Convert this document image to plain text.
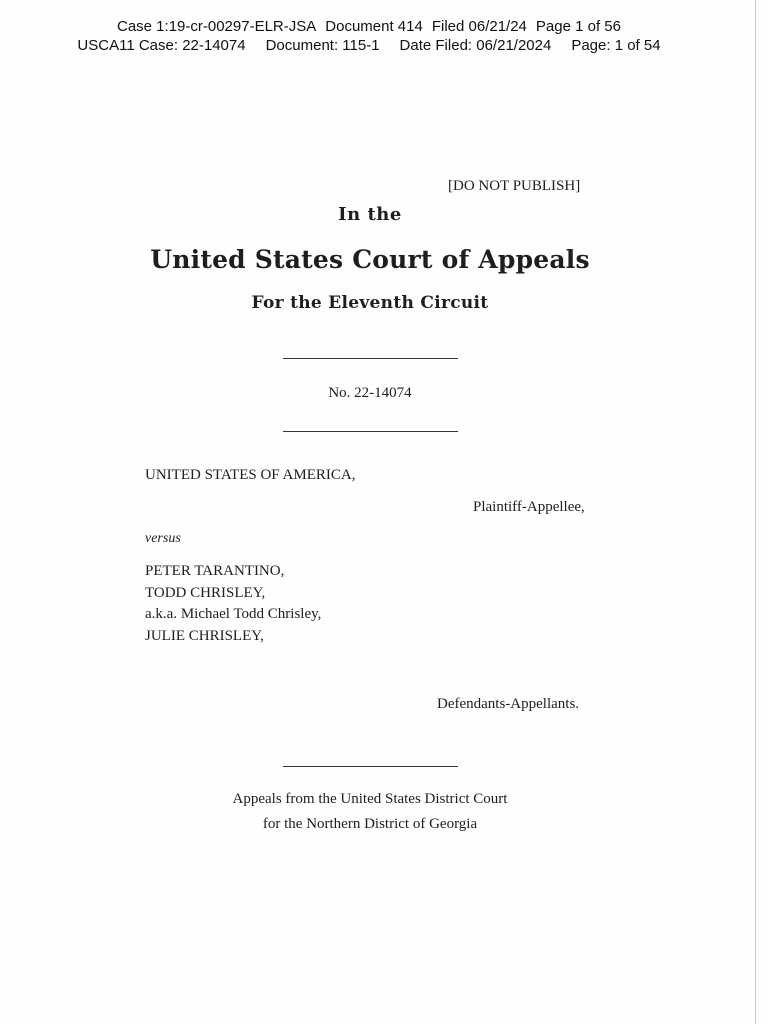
Case 1:19-cr-00297-ELR-JSA Document 414 Filed 06/21/24 Page 1 of 56
USCA11 Case: 22-14074 Document: 115-1 Date Filed: 06/21/2024 Page: 1 of 54
[DO NOT PUBLISH]
In the
United States Court of Appeals
For the Eleventh Circuit
No. 22-14074
UNITED STATES OF AMERICA,
Plaintiff-Appellee,
versus
PETER TARANTINO,
TODD CHRISLEY,
a.k.a. Michael Todd Chrisley,
JULIE CHRISLEY,
Defendants-Appellants.
Appeals from the United States District Court
for the Northern District of Georgia
